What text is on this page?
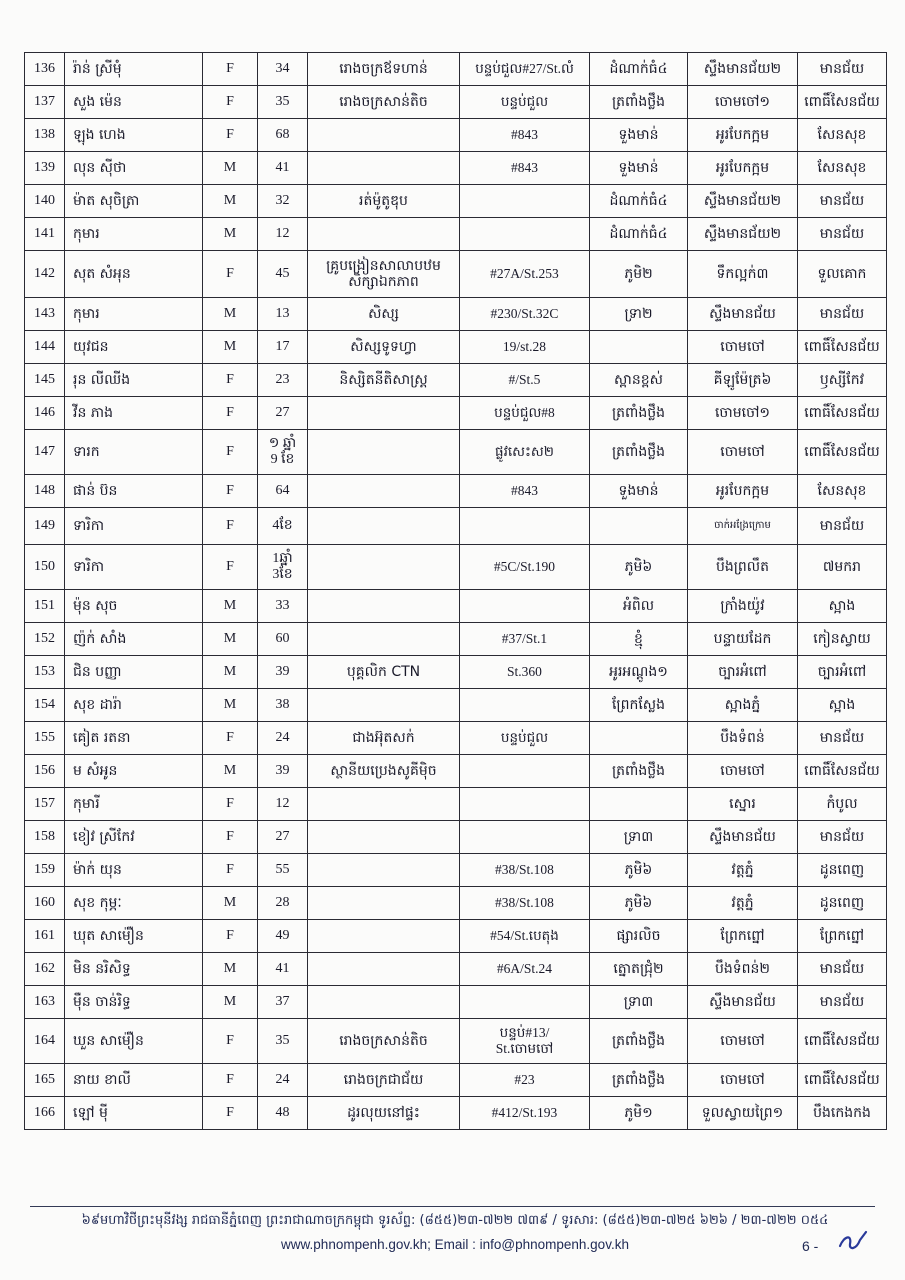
136	រ៉ាន់ ស្រីមុំ	F	34	រោងចក្រឪទហាន់	បន្ទប់ជួល#27/St.លំ	ដំណាក់ធំ៤	ស្ទឹងមានជ័យ២	មានជ័យ
137	សួង ម៉េន	F	35	រោងចក្រសាន់តិច	បន្ទប់ជួល	ត្រពាំងថ្លឹង	ចោមចៅ១	ពោធិ៍សែនជ័យ
138	ឡុង ហេង	F	68		#843	ទួងមាន់	អូរបែកក្អម	សែនសុខ
139	លុន សុីថា	M	41		#843	ទួងមាន់	អូរបែកក្អម	សែនសុខ
140	ម៉ាត សុចិត្រា	M	32	រត់ម៉ូតូឌុប		ដំណាក់ធំ៤	ស្ទឹងមានជ័យ២	មានជ័យ
141	កុមារ	M	12			ដំណាក់ធំ៤	ស្ទឹងមានជ័យ២	មានជ័យ
142	សុត សំអុន	F	45	គ្រូបង្រៀនសាលាបឋម
សិក្សាឯកភាព	#27A/St.253	ភូមិ២	ទឹកល្អក់៣	ទួលគោក
143	កុមារ	M	13	សិស្ស	#230/St.32C	ទ្រា២	ស្ទឹងមានជ័យ	មានជ័យ
144	យុវជន	M	17	សិស្សទូទហ្វា	19/st.28		ចោមចៅ	ពោធិ៍សែនជ័យ
145	រុន លីឈីង	F	23	និស្សិតនីតិសាស្ត្រ	#/St.5	ស្ពានខ្ពស់	គីឡូម៉ែត្រ៦	ឫស្សីកែវ
146	វីន ភាង	F	27		បន្ទប់ជួល#8	ត្រពាំងថ្លឹង	ចោមចៅ១	ពោធិ៍សែនជ័យ
147	ទារក	F	១ ឆ្នាំ
9 ខែ		ផ្លូវសេះស២	ត្រពាំងថ្លឹង	ចោមចៅ	ពោធិ៍សែនជ័យ
148	ផាន់ ប៊ន	F	64		#843	ទួងមាន់	អូរបែកក្អម	សែនសុខ
149	ទារិកា	F	4ខែ				ចាក់អង្រែក្រោម	មានជ័យ
150	ទារិកា	F	1ឆ្នាំ
3ខែ		#5C/St.190	ភូមិ៦	បឹងព្រលឹត	៧មករា
151	ម៉ុន សុច	M	33			អំពិល	ក្រាំងយ៉ូវ	ស្អាង
152	ញ៉ក់ សាំង	M	60		#37/St.1	ខ្មុំ	បន្ទាយដែក	កៀនស្វាយ
153	ជិន បញ្ញា	M	39	បុគ្គលិក CTN	St.360	អូរអណ្ដូង១	ច្បារអំពៅ	ច្បារអំពៅ
154	សុខ ដារ៉ា	M	38			ព្រែកស្លែង	ស្អាងភ្នំ	ស្អាង
155	គៀត រតនា	F	24	ជាងអ៊ុតសក់	បន្ទប់ជួល		បឹងទំពន់	មានជ័យ
156	ម សំអូន	M	39	ស្ថានីយប្រេងសូគីម៉ិច		ត្រពាំងថ្លឹង	ចោមចៅ	ពោធិ៍សែនជ័យ
157	កុមារី	F	12				ស្នោរ	កំបូល
158	ខៀវ ស្រីកែវ	F	27			ទ្រា៣	ស្ទឹងមានជ័យ	មានជ័យ
159	ម៉ាក់ យុន	F	55		#38/St.108	ភូមិ៦	វត្តភ្នំ	ដូនពេញ
160	សុខ កុម្ភៈ	M	28		#38/St.108	ភូមិ៦	វត្តភ្នំ	ដូនពេញ
161	ឃុត សាម៉ឿន	F	49		#54/St.បេតុង	ផ្សារលិច	ព្រែកព្នៅ	ព្រែកព្នៅ
162	មិន នរិសិទ្ធ	M	41		#6A/St.24	ត្នោតជ្រុំ២	បឹងទំពន់២	មានជ័យ
163	ម៉ឺន ចាន់រិទ្ធ	M	37			ទ្រា៣	ស្ទឹងមានជ័យ	មានជ័យ
164	ឃួន សាម៉ឿន	F	35	រោងចក្រសាន់តិច	បន្ទប់#13/
St.ចោមចៅ	ត្រពាំងថ្លឹង	ចោមចៅ	ពោធិ៍សែនជ័យ
165	នាយ ខាលី	F	24	រោងចក្រជាជ័យ	#23	ត្រពាំងថ្លឹង	ចោមចៅ	ពោធិ៍សែនជ័យ
166	ឡៅ ម៉ី	F	48	ដូរលុយនៅផ្ទះ	#412/St.193	ភូមិ១	ទួលស្វាយព្រៃ១	បឹងកេងកង
៦៩មហាវិថីព្រះមុនីវង្ស រាជធានីភ្នំពេញ ព្រះរាជាណាចក្រកម្ពុជា ទូរស័ព្ទ: (៨៥៥)២៣-៧២២ ៧៣៩ / ទូរសារ: (៨៥៥)២៣-៧២៥ ៦២៦ / ២៣-៧២២ ០៥៤
www.phnompenh.gov.kh; Email : info@phnompenh.gov.kh	6 -
